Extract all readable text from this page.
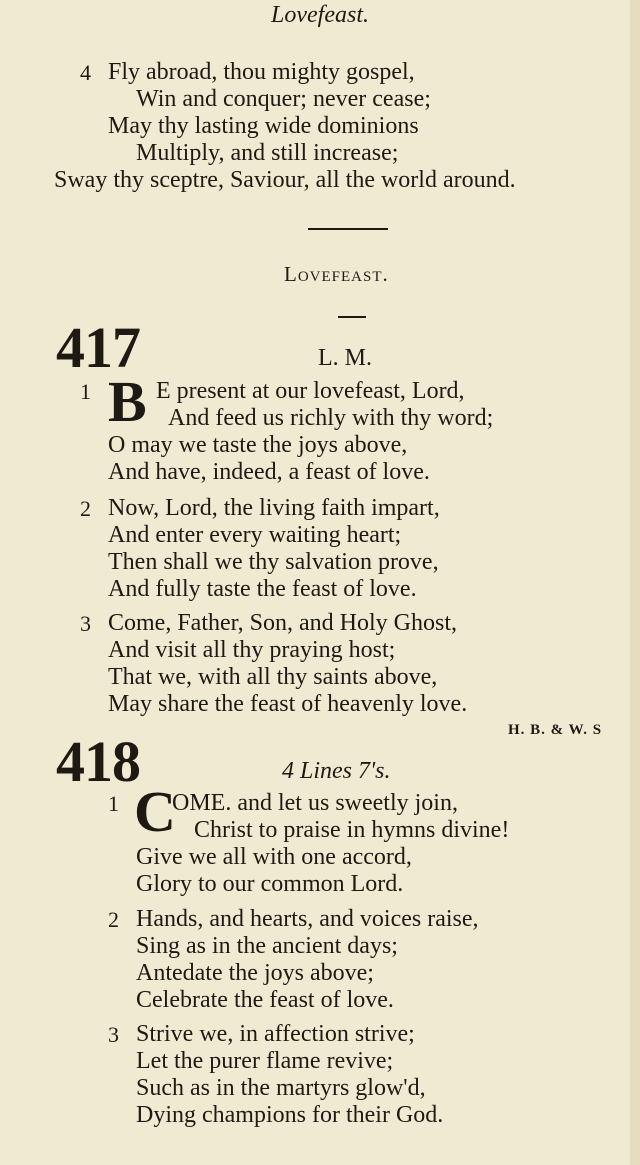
Lovefeast.
4 Fly abroad, thou mighty gospel,
Win and conquer; never cease;
May thy lasting wide dominions
Multiply, and still increase;
Sway thy sceptre, Saviour, all the world around.
Lovefeast.
417	L. M.
1 B E present at our lovefeast, Lord,
And feed us richly with thy word;
O may we taste the joys above,
And have, indeed, a feast of love.
2 Now, Lord, the living faith impart,
And enter every waiting heart;
Then shall we thy salvation prove,
And fully taste the feast of love.
3 Come, Father, Son, and Holy Ghost,
And visit all thy praying host;
That we, with all thy saints above,
May share the feast of heavenly love.
H. B. & W. S
418	4 Lines 7's.
1 C
OME. and let us sweetly join,
Christ to praise in hymns divine!
Give we all with one accord,
Glory to our common Lord.
2 Hands, and hearts, and voices raise,
Sing as in the ancient days;
Antedate the joys above;
Celebrate the feast of love.
3 Strive we, in affection strive;
Let the purer flame revive;
Such as in the martyrs glow'd,
Dying champions for their God.
